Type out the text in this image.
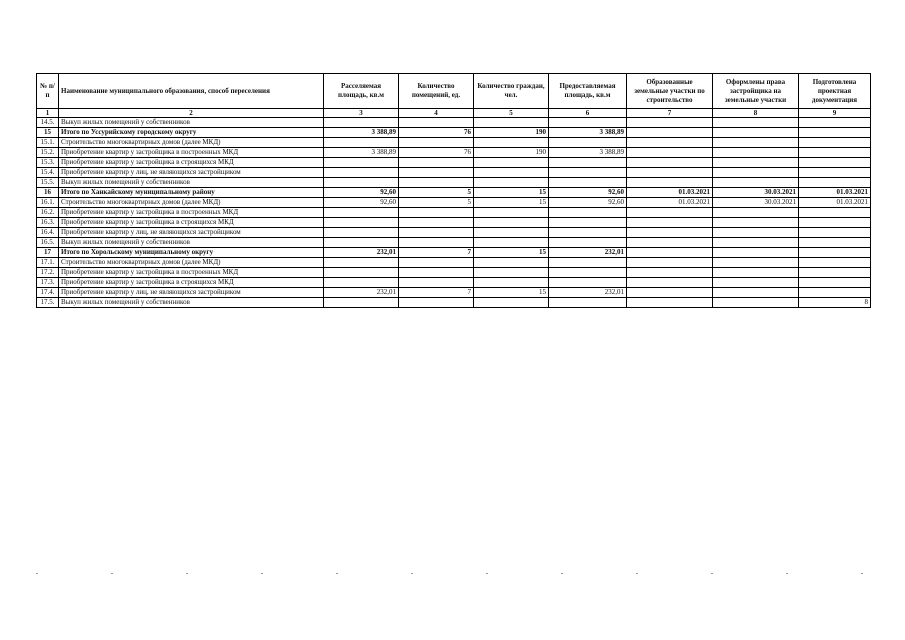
№ п/п	Наименование муниципального образования, способ переселения	Расселяемая площадь, кв.м	Количество помещений, ед.	Количество граждан, чел.	Предоставляемая площадь, кв.м	Образованные земельные участки по строительство	Оформлены права застройщика на земельные участки	Подготовлена проектная документация
1	2	3	4	5	6	7	8	9
14.5.	Выкуп жилых помещений у собственников							
15	Итого по Уссурийскому городскому округу	3 388,89	76	190	3 388,89			
15.1.	Строительство многоквартирных домов (далее МКД)							
15.2.	Приобретение квартир у застройщика в построенных МКД	3 388,89	76	190	3 388,89			
15.3.	Приобретение квартир у застройщика в строящихся МКД							
15.4.	Приобретение квартир у лиц, не являющихся застройщиком							
15.5.	Выкуп жилых помещений у собственников							
16	Итого по Ханкайскому муниципальному району	92,60	5	15	92,60	01.03.2021	30.03.2021	01.03.2021
16.1.	Строительство многоквартирных домов (далее МКД)	92,60	5	15	92,60	01.03.2021	30.03.2021	01.03.2021
16.2.	Приобретение квартир у застройщика в построенных МКД							
16.3.	Приобретение квартир у застройщика в строящихся МКД							
16.4.	Приобретение квартир у лиц, не являющихся застройщиком							
16.5.	Выкуп жилых помещений у собственников							
17	Итого по Хорольскому муниципальному округу	232,01	7	15	232,01			
17.1.	Строительство многоквартирных домов (далее МКД)							
17.2.	Приобретение квартир у застройщика в построенных МКД							
17.3.	Приобретение квартир у застройщика в строящихся МКД							
17.4.	Приобретение квартир у лиц, не являющихся застройщиком	232,01	7	15	232,01			
17.5.	Выкуп жилых помещений у собственников							8
